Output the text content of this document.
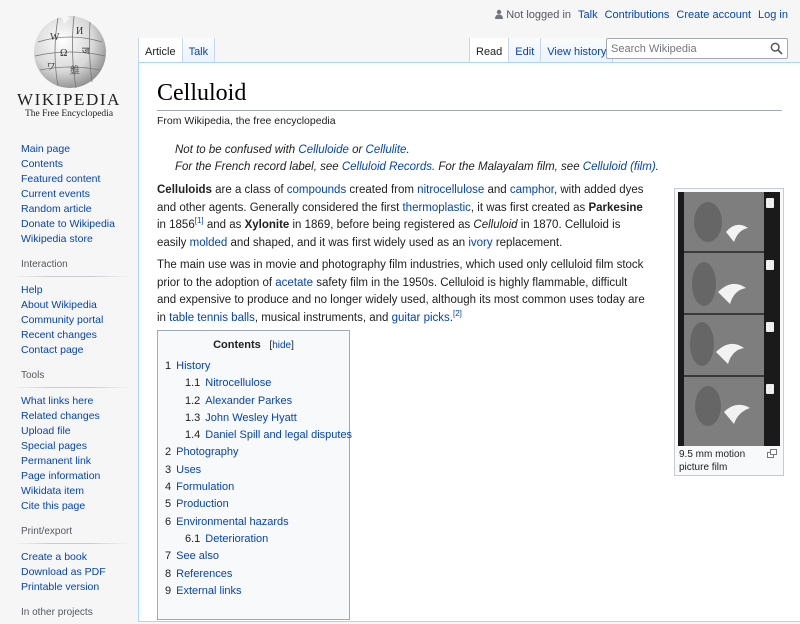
W
И
Ω ज
ワ 維
WIKIPEDIA
The Free Encyclopedia
Not logged in Talk Contributions Create account Log in
Article Talk	Read Edit View history
Search Wikipedia
Main page
Contents
Featured content
Current events
Random article
Donate to Wikipedia
Wikipedia store
Interaction
Help
About Wikipedia
Community portal
Recent changes
Contact page
Tools
What links here
Related changes
Upload file
Special pages
Permanent link
Page information
Wikidata item
Cite this page
Print/export
Create a book
Download as PDF
Printable version
In other projects
Celluloid
From Wikipedia, the free encyclopedia
Not to be confused with Celluloide or Cellulite.
For the French record label, see Celluloid Records. For the Malayalam film, see Celluloid (film).

Celluloids are a class of compounds created from nitrocellulose and camphor, with added dyes and other agents. Generally considered the first thermoplastic, it was first created as Parkesine in 1856[1] and as Xylonite in 1869, before being registered as Celluloid in 1870. Celluloid is easily molded and shaped, and it was first widely used as an ivory replacement.

The main use was in movie and photography film industries, which used only celluloid film stock prior to the adoption of acetate safety film in the 1950s. Celluloid is highly flammable, difficult and expensive to produce and no longer widely used, although its most common uses today are in table tennis balls, musical instruments, and guitar picks.[2]

9.5 mm motion picture film
Contents   [hide]
1 History
1.1 Nitrocellulose
1.2 Alexander Parkes
1.3 John Wesley Hyatt
1.4 Daniel Spill and legal disputes
2 Photography
3 Uses
4 Formulation
5 Production
6 Environmental hazards
6.1 Deterioration
7 See also
8 References
9 External links
